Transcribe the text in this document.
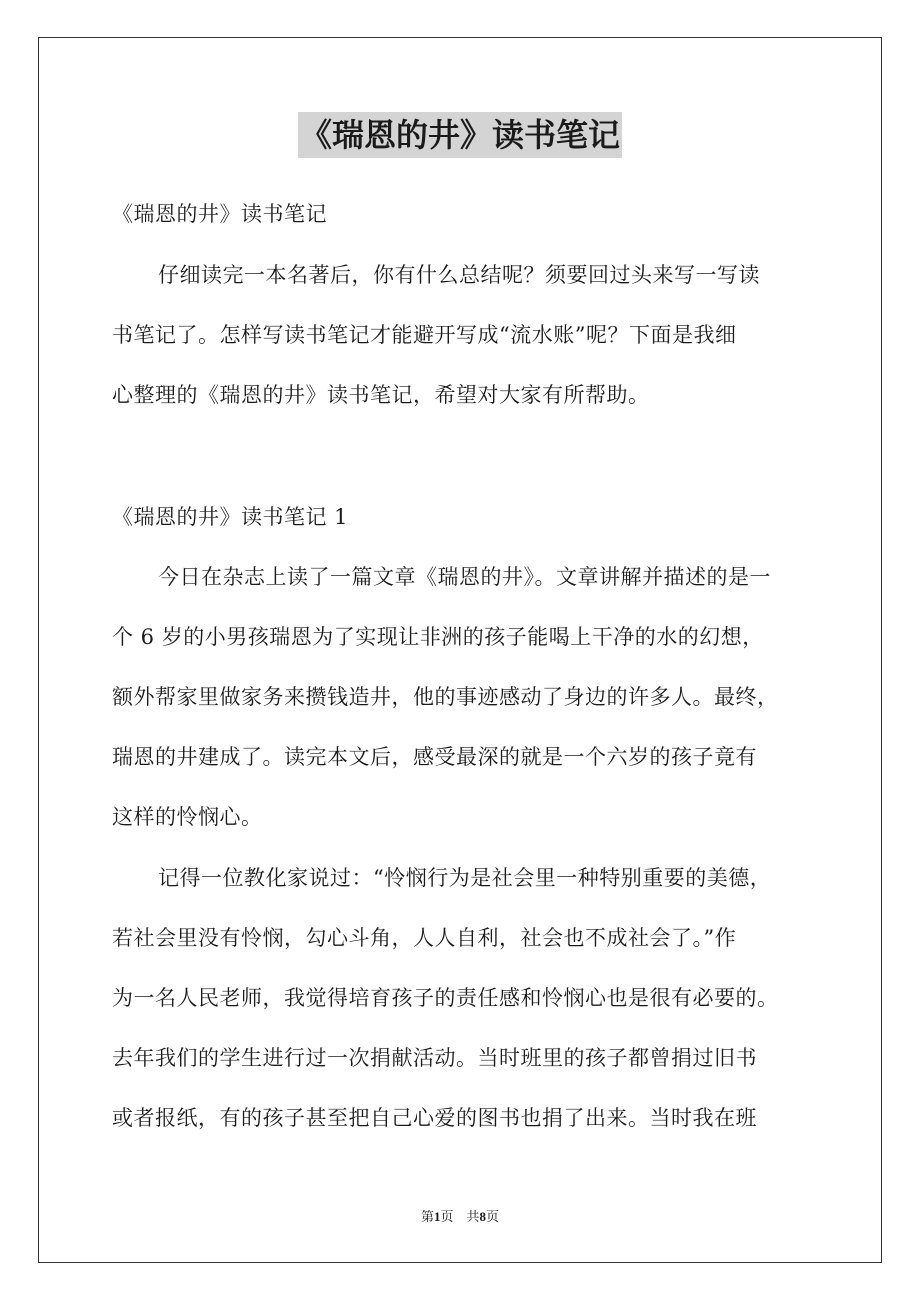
《瑞恩的井》读书笔记
《瑞恩的井》读书笔记
仔细读完一本名著后，你有什么总结呢？须要回过头来写一写读
书笔记了。怎样写读书笔记才能避开写成“流水账”呢？下面是我细
心整理的《瑞恩的井》读书笔记，希望对大家有所帮助。
《瑞恩的井》读书笔记 1
今日在杂志上读了一篇文章《瑞恩的井》。文章讲解并描述的是一
个 6 岁的小男孩瑞恩为了实现让非洲的孩子能喝上干净的水的幻想，
额外帮家里做家务来攒钱造井，他的事迹感动了身边的许多人。最终，
瑞恩的井建成了。读完本文后，感受最深的就是一个六岁的孩子竟有
这样的怜悯心。
记得一位教化家说过：“怜悯行为是社会里一种特别重要的美德，
若社会里没有怜悯，勾心斗角，人人自利，社会也不成社会了。”作
为一名人民老师，我觉得培育孩子的责任感和怜悯心也是很有必要的。
去年我们的学生进行过一次捐献活动。当时班里的孩子都曾捐过旧书
或者报纸，有的孩子甚至把自己心爱的图书也捐了出来。当时我在班
第1页　共8页
